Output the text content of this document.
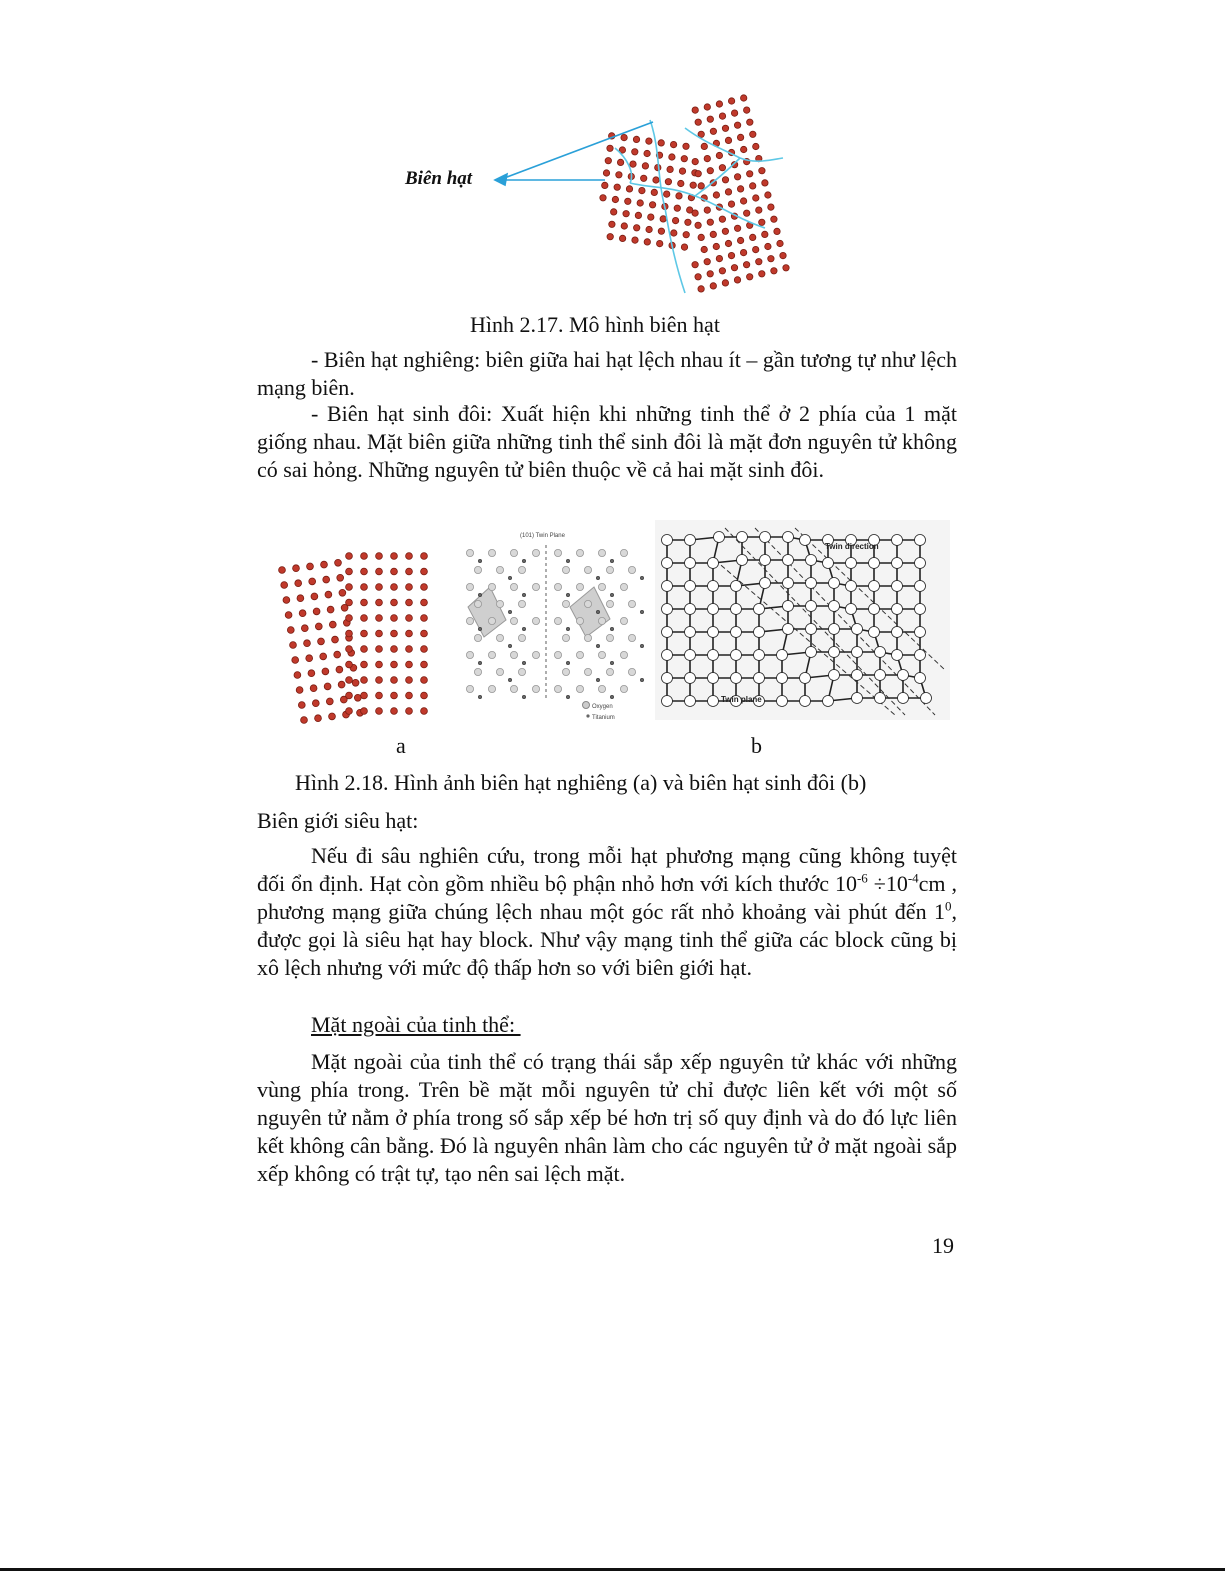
Biên hạt
Hình 2.17. Mô hình biên hạt

- Biên hạt nghiêng: biên giữa hai hạt lệch nhau ít – gần tương tự như lệch mạng biên.

- Biên hạt sinh đôi: Xuất hiện khi những tinh thể ở 2 phía của 1 mặt giống nhau. Mặt biên giữa những tinh thể sinh đôi là mặt đơn nguyên tử không có sai hỏng. Những nguyên tử biên thuộc về cả hai mặt sinh đôi.

(101) Twin Plane
Oxygen
Titanium
Twin direction
Twin plane
a	b
Hình 2.18. Hình ảnh biên hạt nghiêng (a) và biên hạt sinh đôi (b)
Biên giới siêu hạt:

Nếu đi sâu nghiên cứu, trong mỗi hạt phương mạng cũng không tuyệt đối ổn định. Hạt còn gồm nhiều bộ phận nhỏ hơn với kích thước $10^{-6} \div 10^{-4}cm$ , phương mạng giữa chúng lệch nhau một góc rất nhỏ khoảng vài phút đến $1^0$, được gọi là siêu hạt hay block. Như vậy mạng tinh thể giữa các block cũng bị xô lệch nhưng với mức độ thấp hơn so với biên giới hạt.

Mặt ngoài của tinh thể:

Mặt ngoài của tinh thể có trạng thái sắp xếp nguyên tử khác với những vùng phía trong. Trên bề mặt mỗi nguyên tử chỉ được liên kết với một số nguyên tử nằm ở phía trong số sắp xếp bé hơn trị số quy định và do đó lực liên kết không cân bằng. Đó là nguyên nhân làm cho các nguyên tử ở mặt ngoài sắp xếp không có trật tự, tạo nên sai lệch mặt.

19
